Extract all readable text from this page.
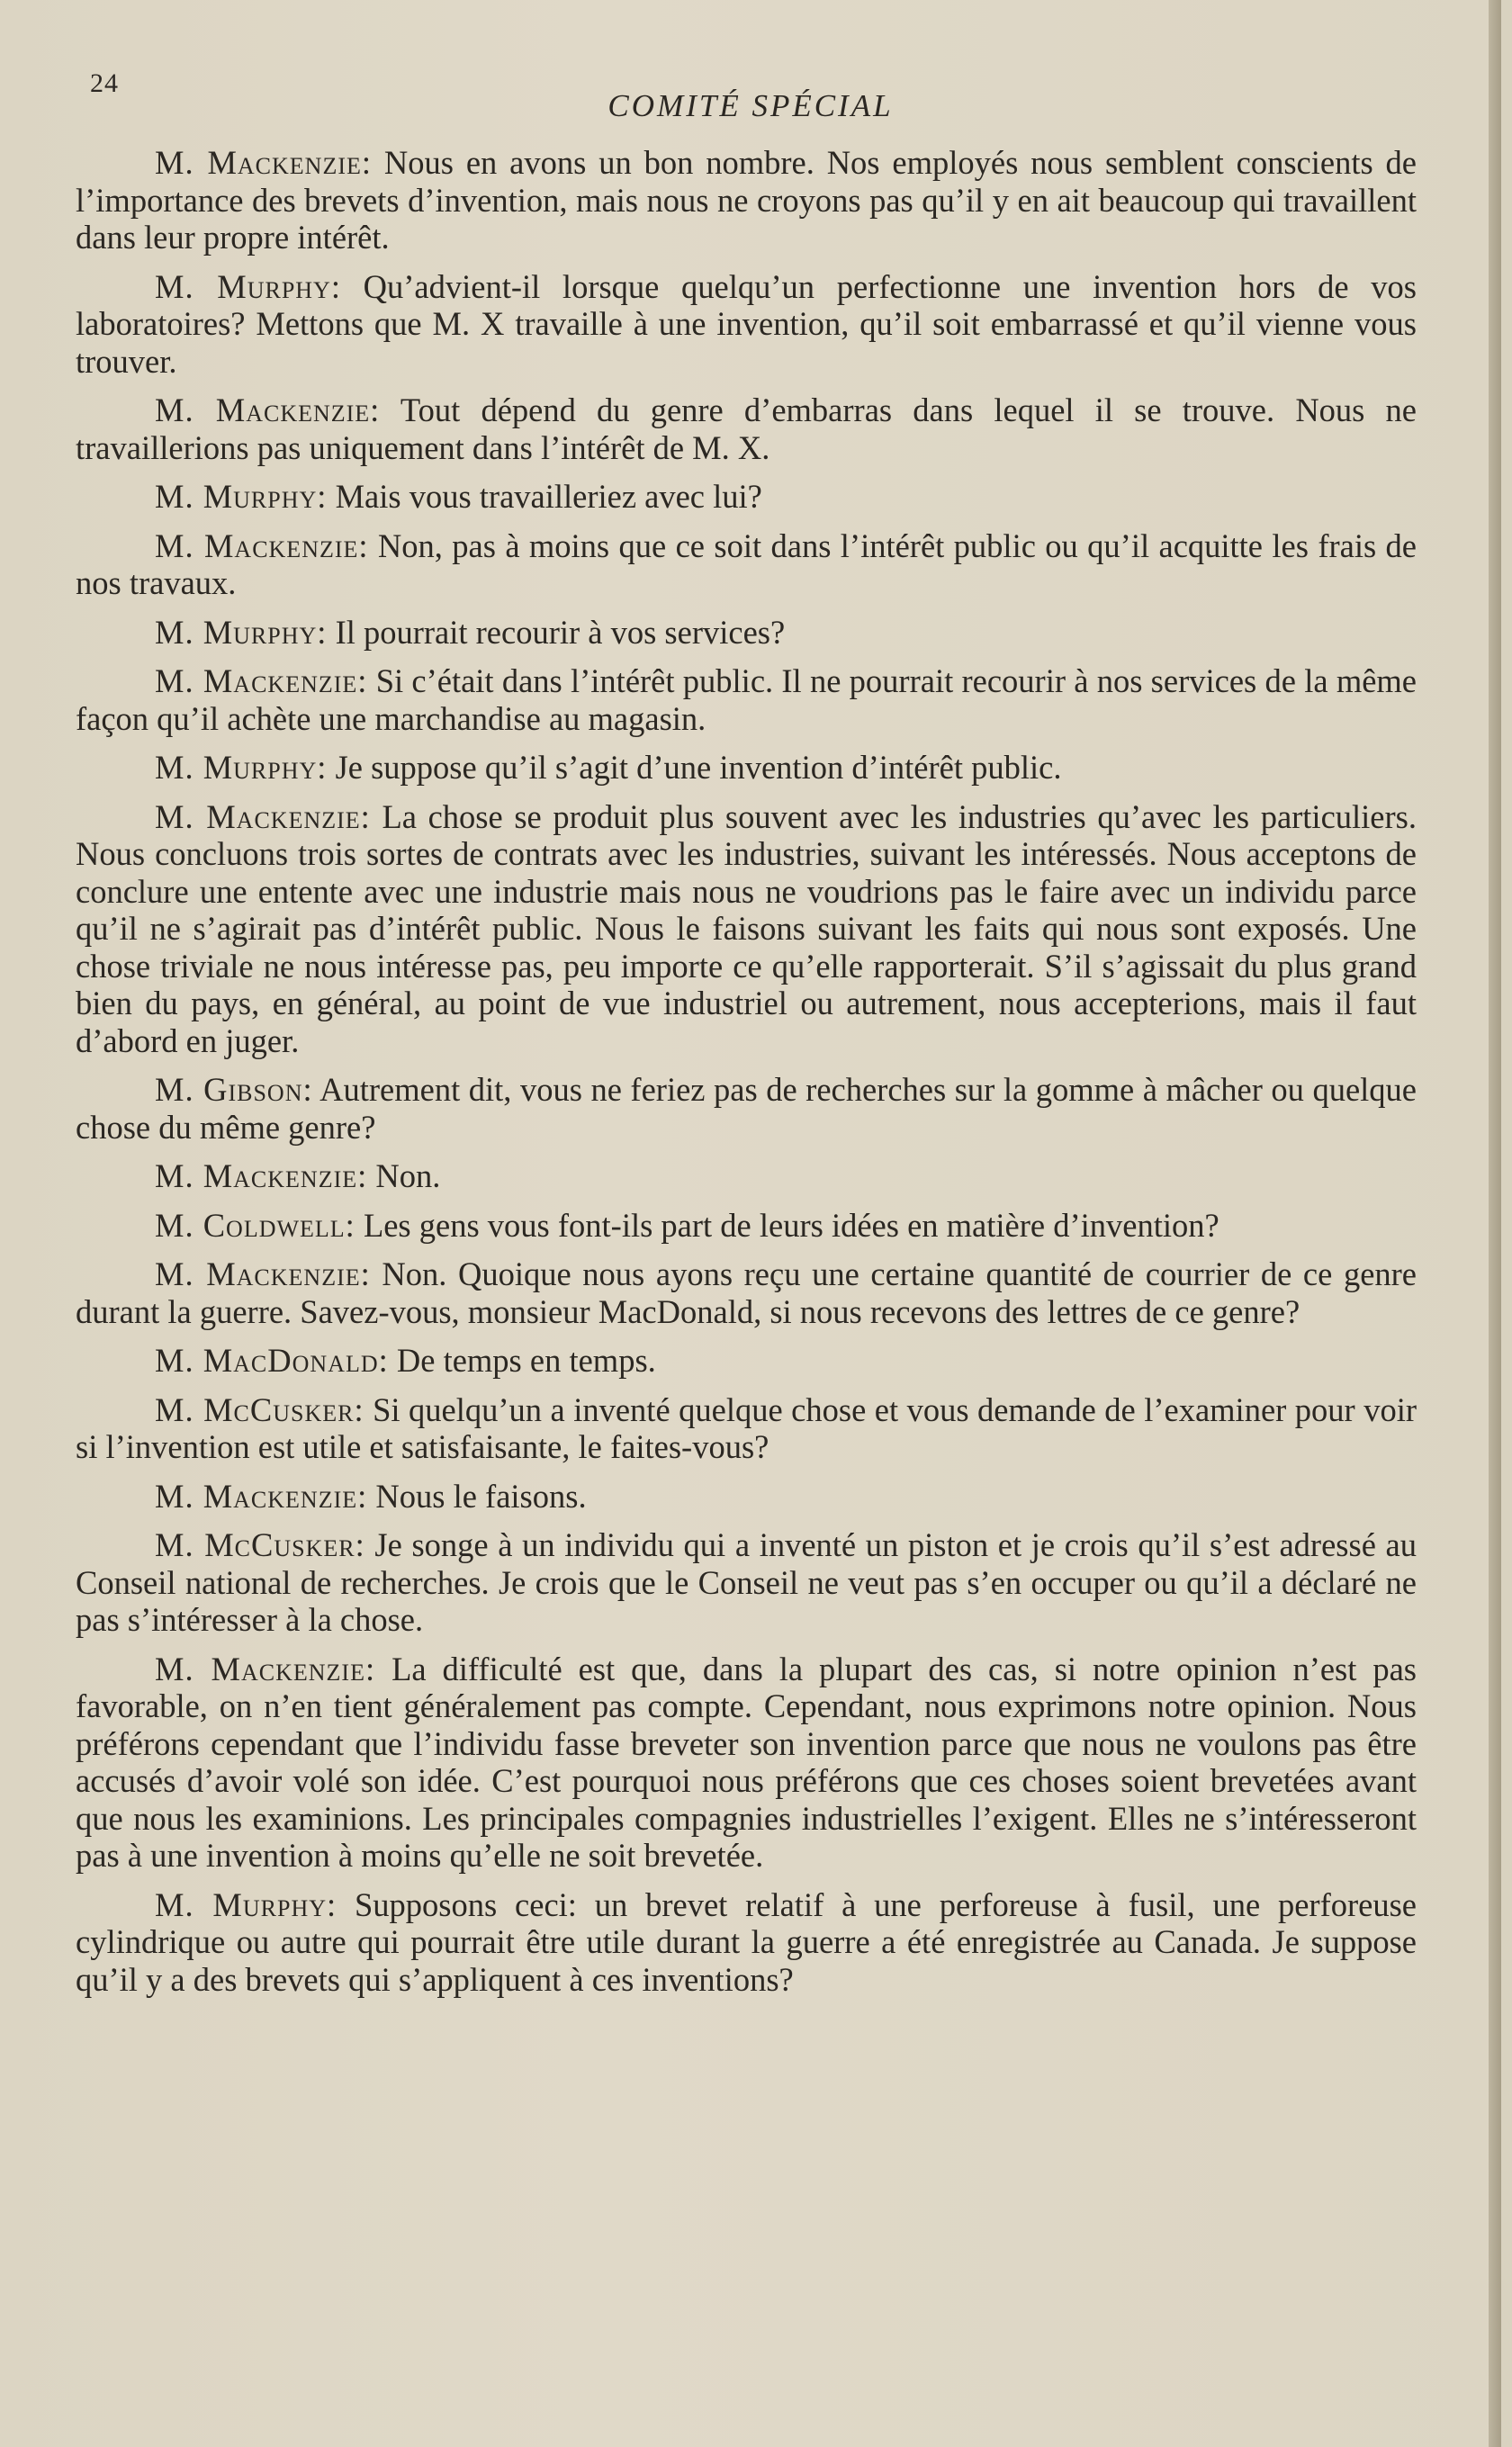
24
COMITÉ SPÉCIAL

M. Mackenzie: Nous en avons un bon nombre. Nos employés nous semblent conscients de l’importance des brevets d’invention, mais nous ne croyons pas qu’il y en ait beaucoup qui travaillent dans leur propre intérêt.

M. Murphy: Qu’advient-il lorsque quelqu’un perfectionne une invention hors de vos laboratoires? Mettons que M. X travaille à une invention, qu’il soit embarrassé et qu’il vienne vous trouver.

M. Mackenzie: Tout dépend du genre d’embarras dans lequel il se trouve. Nous ne travaillerions pas uniquement dans l’intérêt de M. X.

M. Murphy: Mais vous travailleriez avec lui?

M. Mackenzie: Non, pas à moins que ce soit dans l’intérêt public ou qu’il acquitte les frais de nos travaux.

M. Murphy: Il pourrait recourir à vos services?

M. Mackenzie: Si c’était dans l’intérêt public. Il ne pourrait recourir à nos services de la même façon qu’il achète une marchandise au magasin.

M. Murphy: Je suppose qu’il s’agit d’une invention d’intérêt public.

M. Mackenzie: La chose se produit plus souvent avec les industries qu’avec les particuliers. Nous concluons trois sortes de contrats avec les industries, suivant les intéressés. Nous acceptons de conclure une entente avec une industrie mais nous ne voudrions pas le faire avec un individu parce qu’il ne s’agirait pas d’intérêt public. Nous le faisons suivant les faits qui nous sont exposés. Une chose triviale ne nous intéresse pas, peu importe ce qu’elle rapporterait. S’il s’agissait du plus grand bien du pays, en général, au point de vue industriel ou autrement, nous accepterions, mais il faut d’abord en juger.

M. Gibson: Autrement dit, vous ne feriez pas de recherches sur la gomme à mâcher ou quelque chose du même genre?

M. Mackenzie: Non.

M. Coldwell: Les gens vous font-ils part de leurs idées en matière d’invention?

M. Mackenzie: Non. Quoique nous ayons reçu une certaine quantité de courrier de ce genre durant la guerre. Savez-vous, monsieur MacDonald, si nous recevons des lettres de ce genre?

M. MacDonald: De temps en temps.

M. McCusker: Si quelqu’un a inventé quelque chose et vous demande de l’examiner pour voir si l’invention est utile et satisfaisante, le faites-vous?

M. Mackenzie: Nous le faisons.

M. McCusker: Je songe à un individu qui a inventé un piston et je crois qu’il s’est adressé au Conseil national de recherches. Je crois que le Conseil ne veut pas s’en occuper ou qu’il a déclaré ne pas s’intéresser à la chose.

M. Mackenzie: La difficulté est que, dans la plupart des cas, si notre opinion n’est pas favorable, on n’en tient généralement pas compte. Cependant, nous exprimons notre opinion. Nous préférons cependant que l’individu fasse breveter son invention parce que nous ne voulons pas être accusés d’avoir volé son idée. C’est pourquoi nous préférons que ces choses soient brevetées avant que nous les examinions. Les principales compagnies industrielles l’exigent. Elles ne s’intéresseront pas à une invention à moins qu’elle ne soit brevetée.

M. Murphy: Supposons ceci: un brevet relatif à une perforeuse à fusil, une perforeuse cylindrique ou autre qui pourrait être utile durant la guerre a été enregistrée au Canada. Je suppose qu’il y a des brevets qui s’appliquent à ces inventions?
